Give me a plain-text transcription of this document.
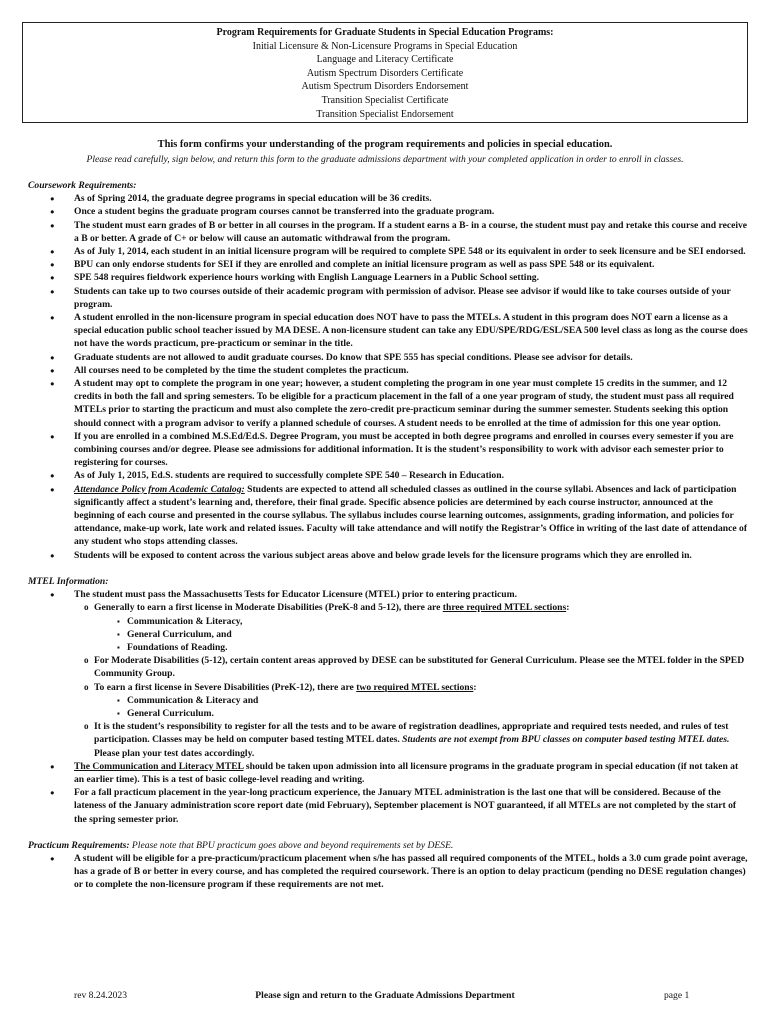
Program Requirements for Graduate Students in Special Education Programs:
Initial Licensure & Non-Licensure Programs in Special Education
Language and Literacy Certificate
Autism Spectrum Disorders Certificate
Autism Spectrum Disorders Endorsement
Transition Specialist Certificate
Transition Specialist Endorsement
This form confirms your understanding of the program requirements and policies in special education.
Please read carefully, sign below, and return this form to the graduate admissions department with your completed application in order to enroll in classes.
Coursework Requirements:
● As of Spring 2014, the graduate degree programs in special education will be 36 credits.
● Once a student begins the graduate program courses cannot be transferred into the graduate program.
● The student must earn grades of B or better in all courses in the program. If a student earns a B- in a course, the student must pay and retake this course and receive a B or better. A grade of C+ or below will cause an automatic withdrawal from the program.
● As of July 1, 2014, each student in an initial licensure program will be required to complete SPE 548 or its equivalent in order to seek licensure and be SEI endorsed.
● BPU can only endorse students for SEI if they are enrolled and complete an initial licensure program as well as pass SPE 548 or its equivalent.
● SPE 548 requires fieldwork experience hours working with English Language Learners in a Public School setting.
● Students can take up to two courses outside of their academic program with permission of advisor. Please see advisor if would like to take courses outside of your program.
● A student enrolled in the non-licensure program in special education does NOT have to pass the MTELs. A student in this program does NOT earn a license as a special education public school teacher issued by MA DESE. A non-licensure student can take any EDU/SPE/RDG/ESL/SEA 500 level class as long as the course does not have the words practicum, pre-practicum or seminar in the title.
● Graduate students are not allowed to audit graduate courses. Do know that SPE 555 has special conditions. Please see advisor for details.
● All courses need to be completed by the time the student completes the practicum.
● A student may opt to complete the program in one year; however, a student completing the program in one year must complete 15 credits in the summer, and 12 credits in both the fall and spring semesters. To be eligible for a practicum placement in the fall of a one year program of study, the student must pass all required MTELs prior to starting the practicum and must also complete the zero-credit pre-practicum seminar during the summer semester. Students seeking this option should connect with a program advisor to verify a planned schedule of courses. A student needs to be enrolled at the time of admission for this one year option.
● If you are enrolled in a combined M.S.Ed/Ed.S. Degree Program, you must be accepted in both degree programs and enrolled in courses every semester if you are combining courses and/or degree. Please see admissions for additional information. It is the student’s responsibility to work with advisor each semester prior to registering for courses.
● As of July 1, 2015, Ed.S. students are required to successfully complete SPE 540 – Research in Education.
● Attendance Policy from Academic Catalog: Students are expected to attend all scheduled classes as outlined in the course syllabi. Absences and lack of participation significantly affect a student’s learning and, therefore, their final grade. Specific absence policies are determined by each course instructor, announced at the beginning of each course and presented in the course syllabus. The syllabus includes course learning outcomes, assignments, grading information, and policies for attendance, make-up work, late work and related issues. Faculty will take attendance and will notify the Registrar’s Office in writing of the last date of attendance of any student who stops attending classes.
● Students will be exposed to content across the various subject areas above and below grade levels for the licensure programs which they are enrolled in.
MTEL Information:
● The student must pass the Massachusetts Tests for Educator Licensure (MTEL) prior to entering practicum.
o Generally to earn a first license in Moderate Disabilities (PreK-8 and 5-12), there are three required MTEL sections:
▪ Communication & Literacy,
▪ General Curriculum, and
▪ Foundations of Reading.
o For Moderate Disabilities (5-12), certain content areas approved by DESE can be substituted for General Curriculum. Please see the MTEL folder in the SPED Community Group.
o To earn a first license in Severe Disabilities (PreK-12), there are two required MTEL sections:
▪ Communication & Literacy and
▪ General Curriculum.
o It is the student’s responsibility to register for all the tests and to be aware of registration deadlines, appropriate and required tests needed, and rules of test participation. Classes may be held on computer based testing MTEL dates. Students are not exempt from BPU classes on computer based testing MTEL dates. Please plan your test dates accordingly.
● The Communication and Literacy MTEL should be taken upon admission into all licensure programs in the graduate program in special education (if not taken at an earlier time). This is a test of basic college-level reading and writing.
● For a fall practicum placement in the year-long practicum experience, the January MTEL administration is the last one that will be considered. Because of the lateness of the January administration score report date (mid February), September placement is NOT guaranteed, if all MTELs are not completed by the start of the spring semester prior.
Practicum Requirements: Please note that BPU practicum goes above and beyond requirements set by DESE.
● A student will be eligible for a pre-practicum/practicum placement when s/he has passed all required components of the MTEL, holds a 3.0 cum grade point average, has a grade of B or better in every course, and has completed the required coursework. There is an option to delay practicum (pending no DESE regulation changes) or to complete the non-licensure program if these requirements are not met.
rev 8.24.2023	Please sign and return to the Graduate Admissions Department	page 1
